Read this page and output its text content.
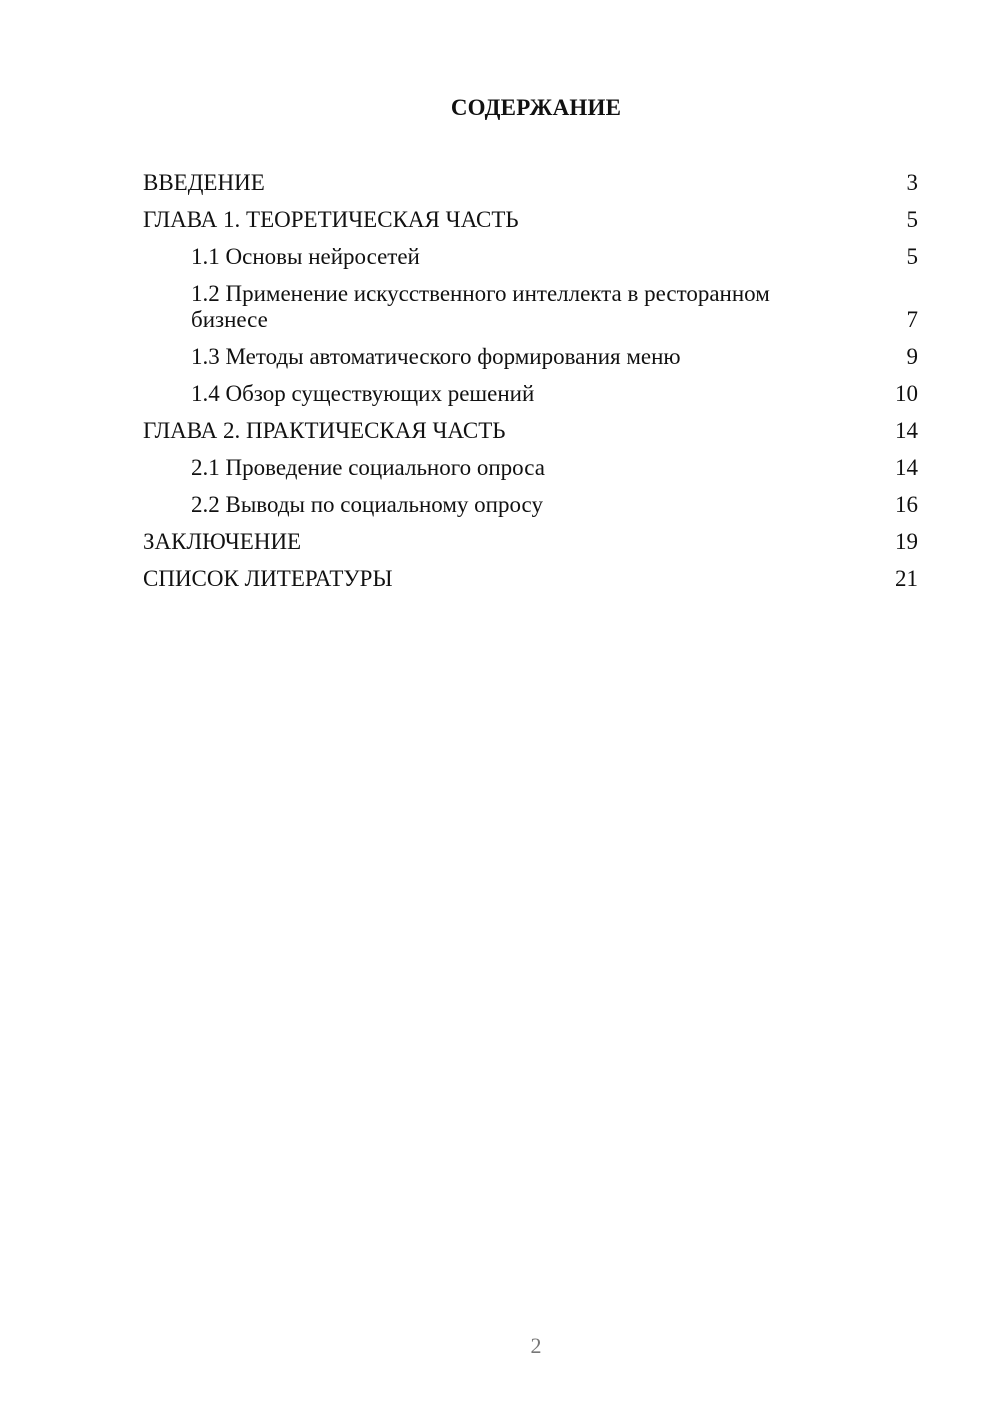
СОДЕРЖАНИЕ
ВВЕДЕНИЕ	3
ГЛАВА 1. ТЕОРЕТИЧЕСКАЯ ЧАСТЬ	5
1.1 Основы нейросетей	5
1.2 Применение искусственного интеллекта в ресторанном бизнесе	7
1.3 Методы автоматического формирования меню	9
1.4 Обзор существующих решений	10
ГЛАВА 2. ПРАКТИЧЕСКАЯ ЧАСТЬ	14
2.1 Проведение социального опроса	14
2.2 Выводы по социальному опросу	16
ЗАКЛЮЧЕНИЕ	19
СПИСОК ЛИТЕРАТУРЫ	21
2
